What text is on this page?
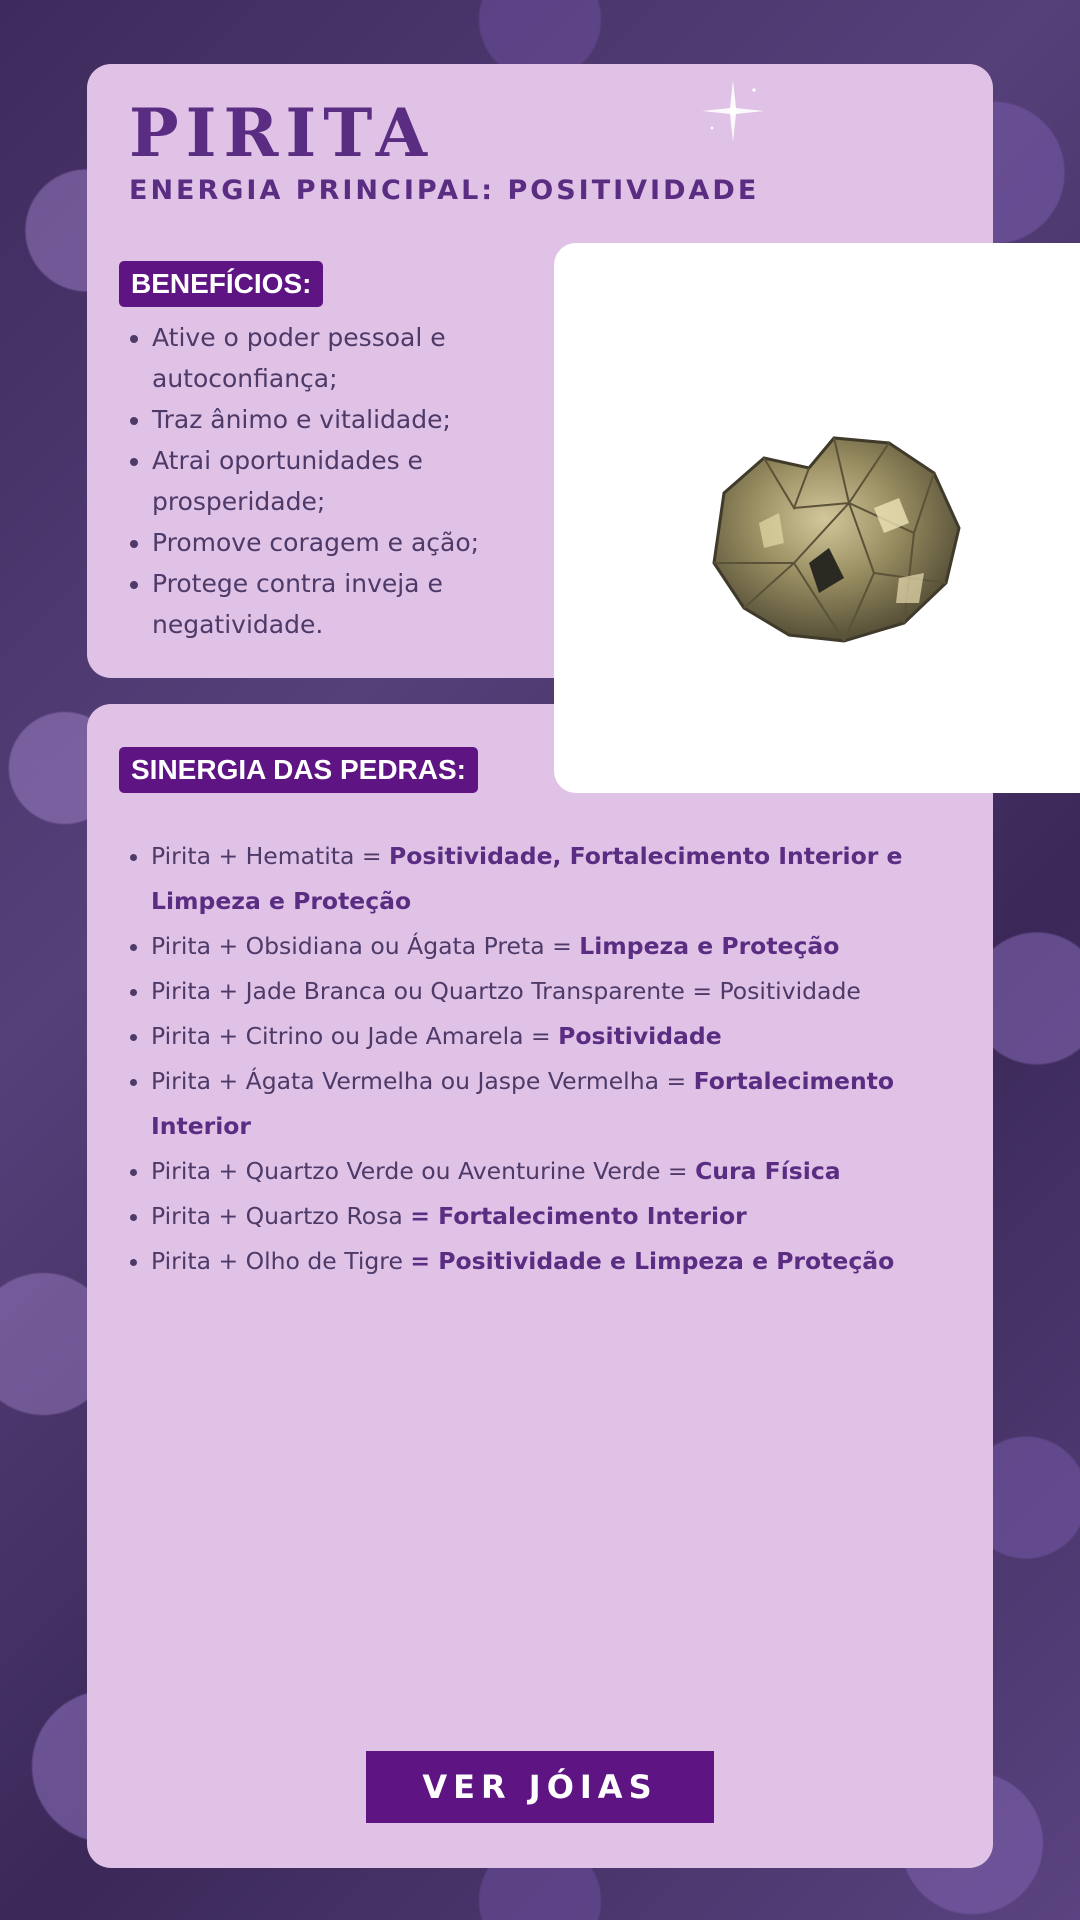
PIRITA
ENERGIA PRINCIPAL: POSITIVIDADE
BENEFÍCIOS:
• Ative o poder pessoal e autoconfiança;
• Traz ânimo e vitalidade;
• Atrai oportunidades e prosperidade;
• Promove coragem e ação;
• Protege contra inveja e negatividade.
SINERGIA DAS PEDRAS:
• Pirita + Hematita = Positividade, Fortalecimento Interior e Limpeza e Proteção
• Pirita + Obsidiana ou Ágata Preta = Limpeza e Proteção
• Pirita + Jade Branca ou Quartzo Transparente = Positividade
• Pirita + Citrino ou Jade Amarela = Positividade
• Pirita + Ágata Vermelha ou Jaspe Vermelha = Fortalecimento Interior
• Pirita + Quartzo Verde ou Aventurine Verde = Cura Física
• Pirita + Quartzo Rosa = Fortalecimento Interior
• Pirita + Olho de Tigre = Positividade e Limpeza e Proteção
VER JÓIAS
